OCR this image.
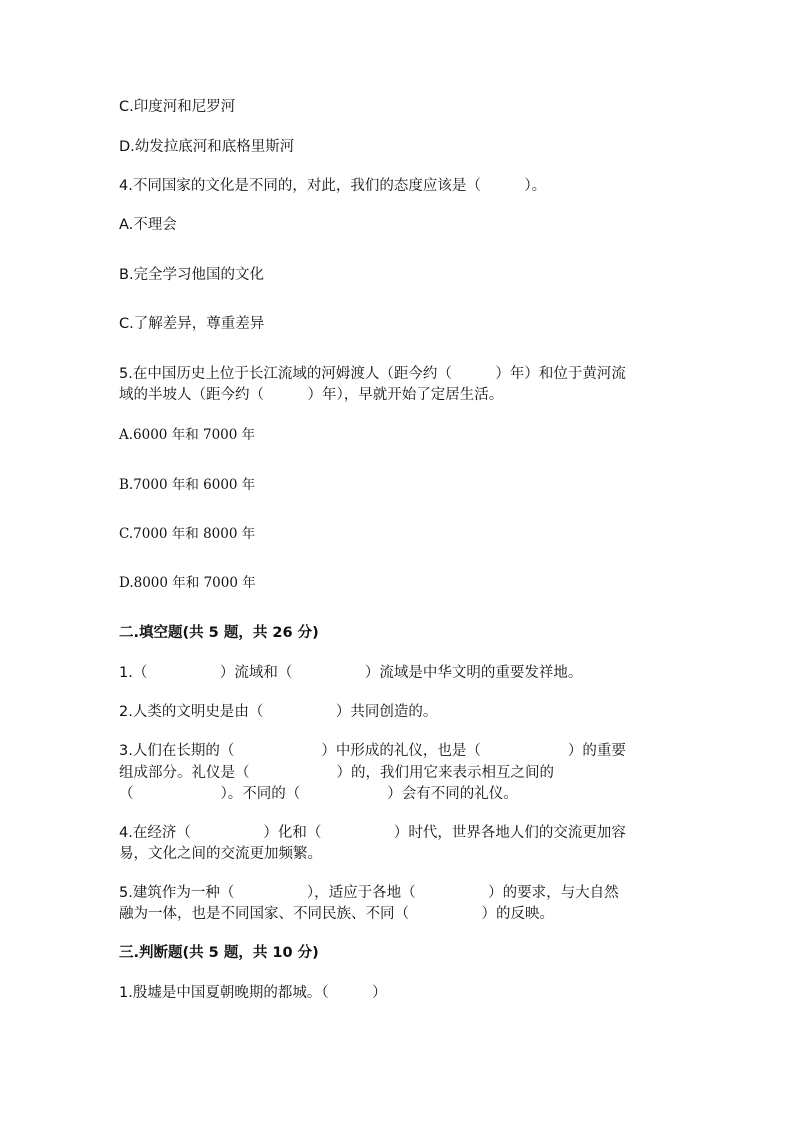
C.印度河和尼罗河
D.幼发拉底河和底格里斯河
4.不同国家的文化是不同的，对此，我们的态度应该是（　　　）。
A.不理会
B.完全学习他国的文化
C.了解差异，尊重差异
5.在中国历史上位于长江流域的河姆渡人（距今约（　　　）年）和位于黄河流
域的半坡人（距今约（　　　）年），早就开始了定居生活。
A.6000 年和 7000 年
B.7000 年和 6000 年
C.7000 年和 8000 年
D.8000 年和 7000 年
二.填空题(共 5 题，共 26 分)
1.（　　　　　）流域和（　　　　　）流域是中华文明的重要发祥地。
2.人类的文明史是由（　　　　　）共同创造的。
3.人们在长期的（　　　　　　）中形成的礼仪，也是（　　　　　　）的重要
组成部分。礼仪是（　　　　　　）的，我们用它来表示相互之间的
（　　　　　　）。不同的（　　　　　　）会有不同的礼仪。
4.在经济（　　　　　）化和（　　　　　）时代，世界各地人们的交流更加容
易，文化之间的交流更加频繁。
5.建筑作为一种（　　　　　），适应于各地（　　　　　）的要求，与大自然
融为一体，也是不同国家、不同民族、不同（　　　　　）的反映。
三.判断题(共 5 题，共 10 分)
1.殷墟是中国夏朝晚期的都城。（　　　）
